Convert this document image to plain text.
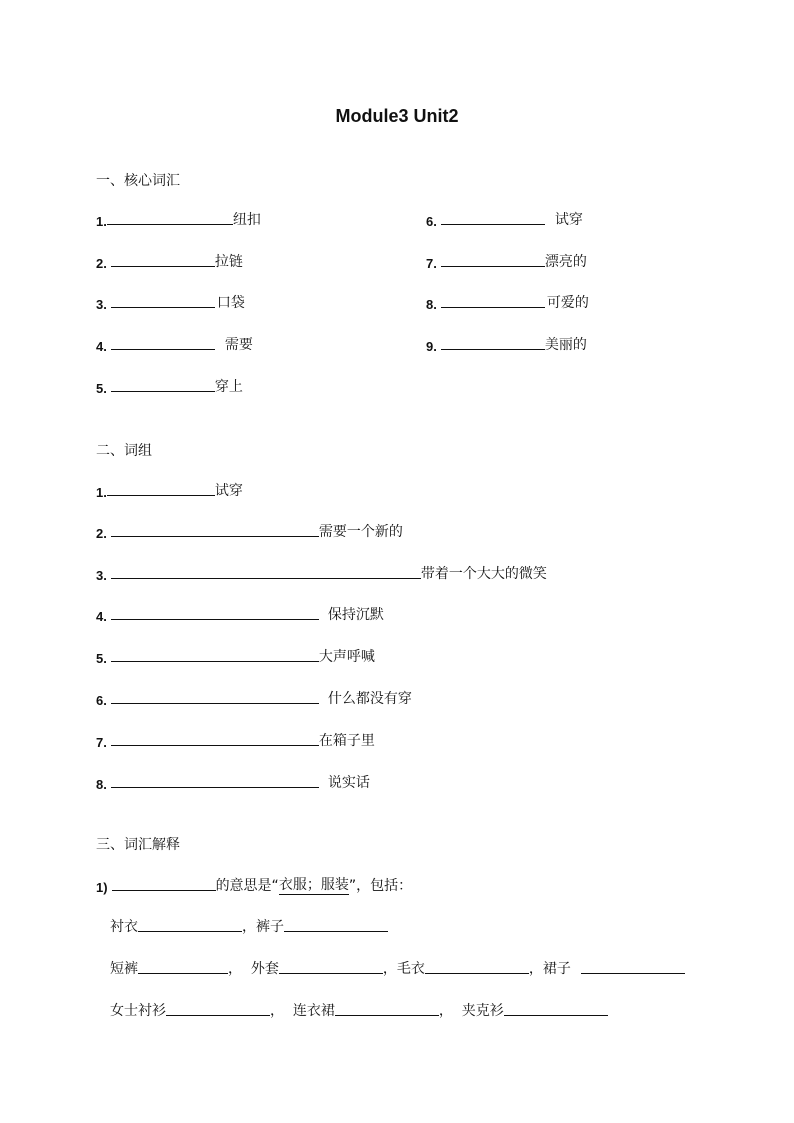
Module3 Unit2
一、核心词汇
1.	纽扣
2.	拉链
3.	口袋
4.	需要
5.	穿上
6.	试穿
7.	漂亮的
8.	可爱的
9.	美丽的
二、词组
1.	试穿
2.	需要一个新的
3.	带着一个大大的微笑
4.	保持沉默
5.	大声呼喊
6.	什么都没有穿
7.	在箱子里
8.	说实话
三、词汇解释
1)	的意思是“ 衣服；服装 ”，包括：
衬衣	，裤子
短裤	，  外套	，毛衣	，裙子
女士衬衫	，  连衣裙	，  夹克衫
